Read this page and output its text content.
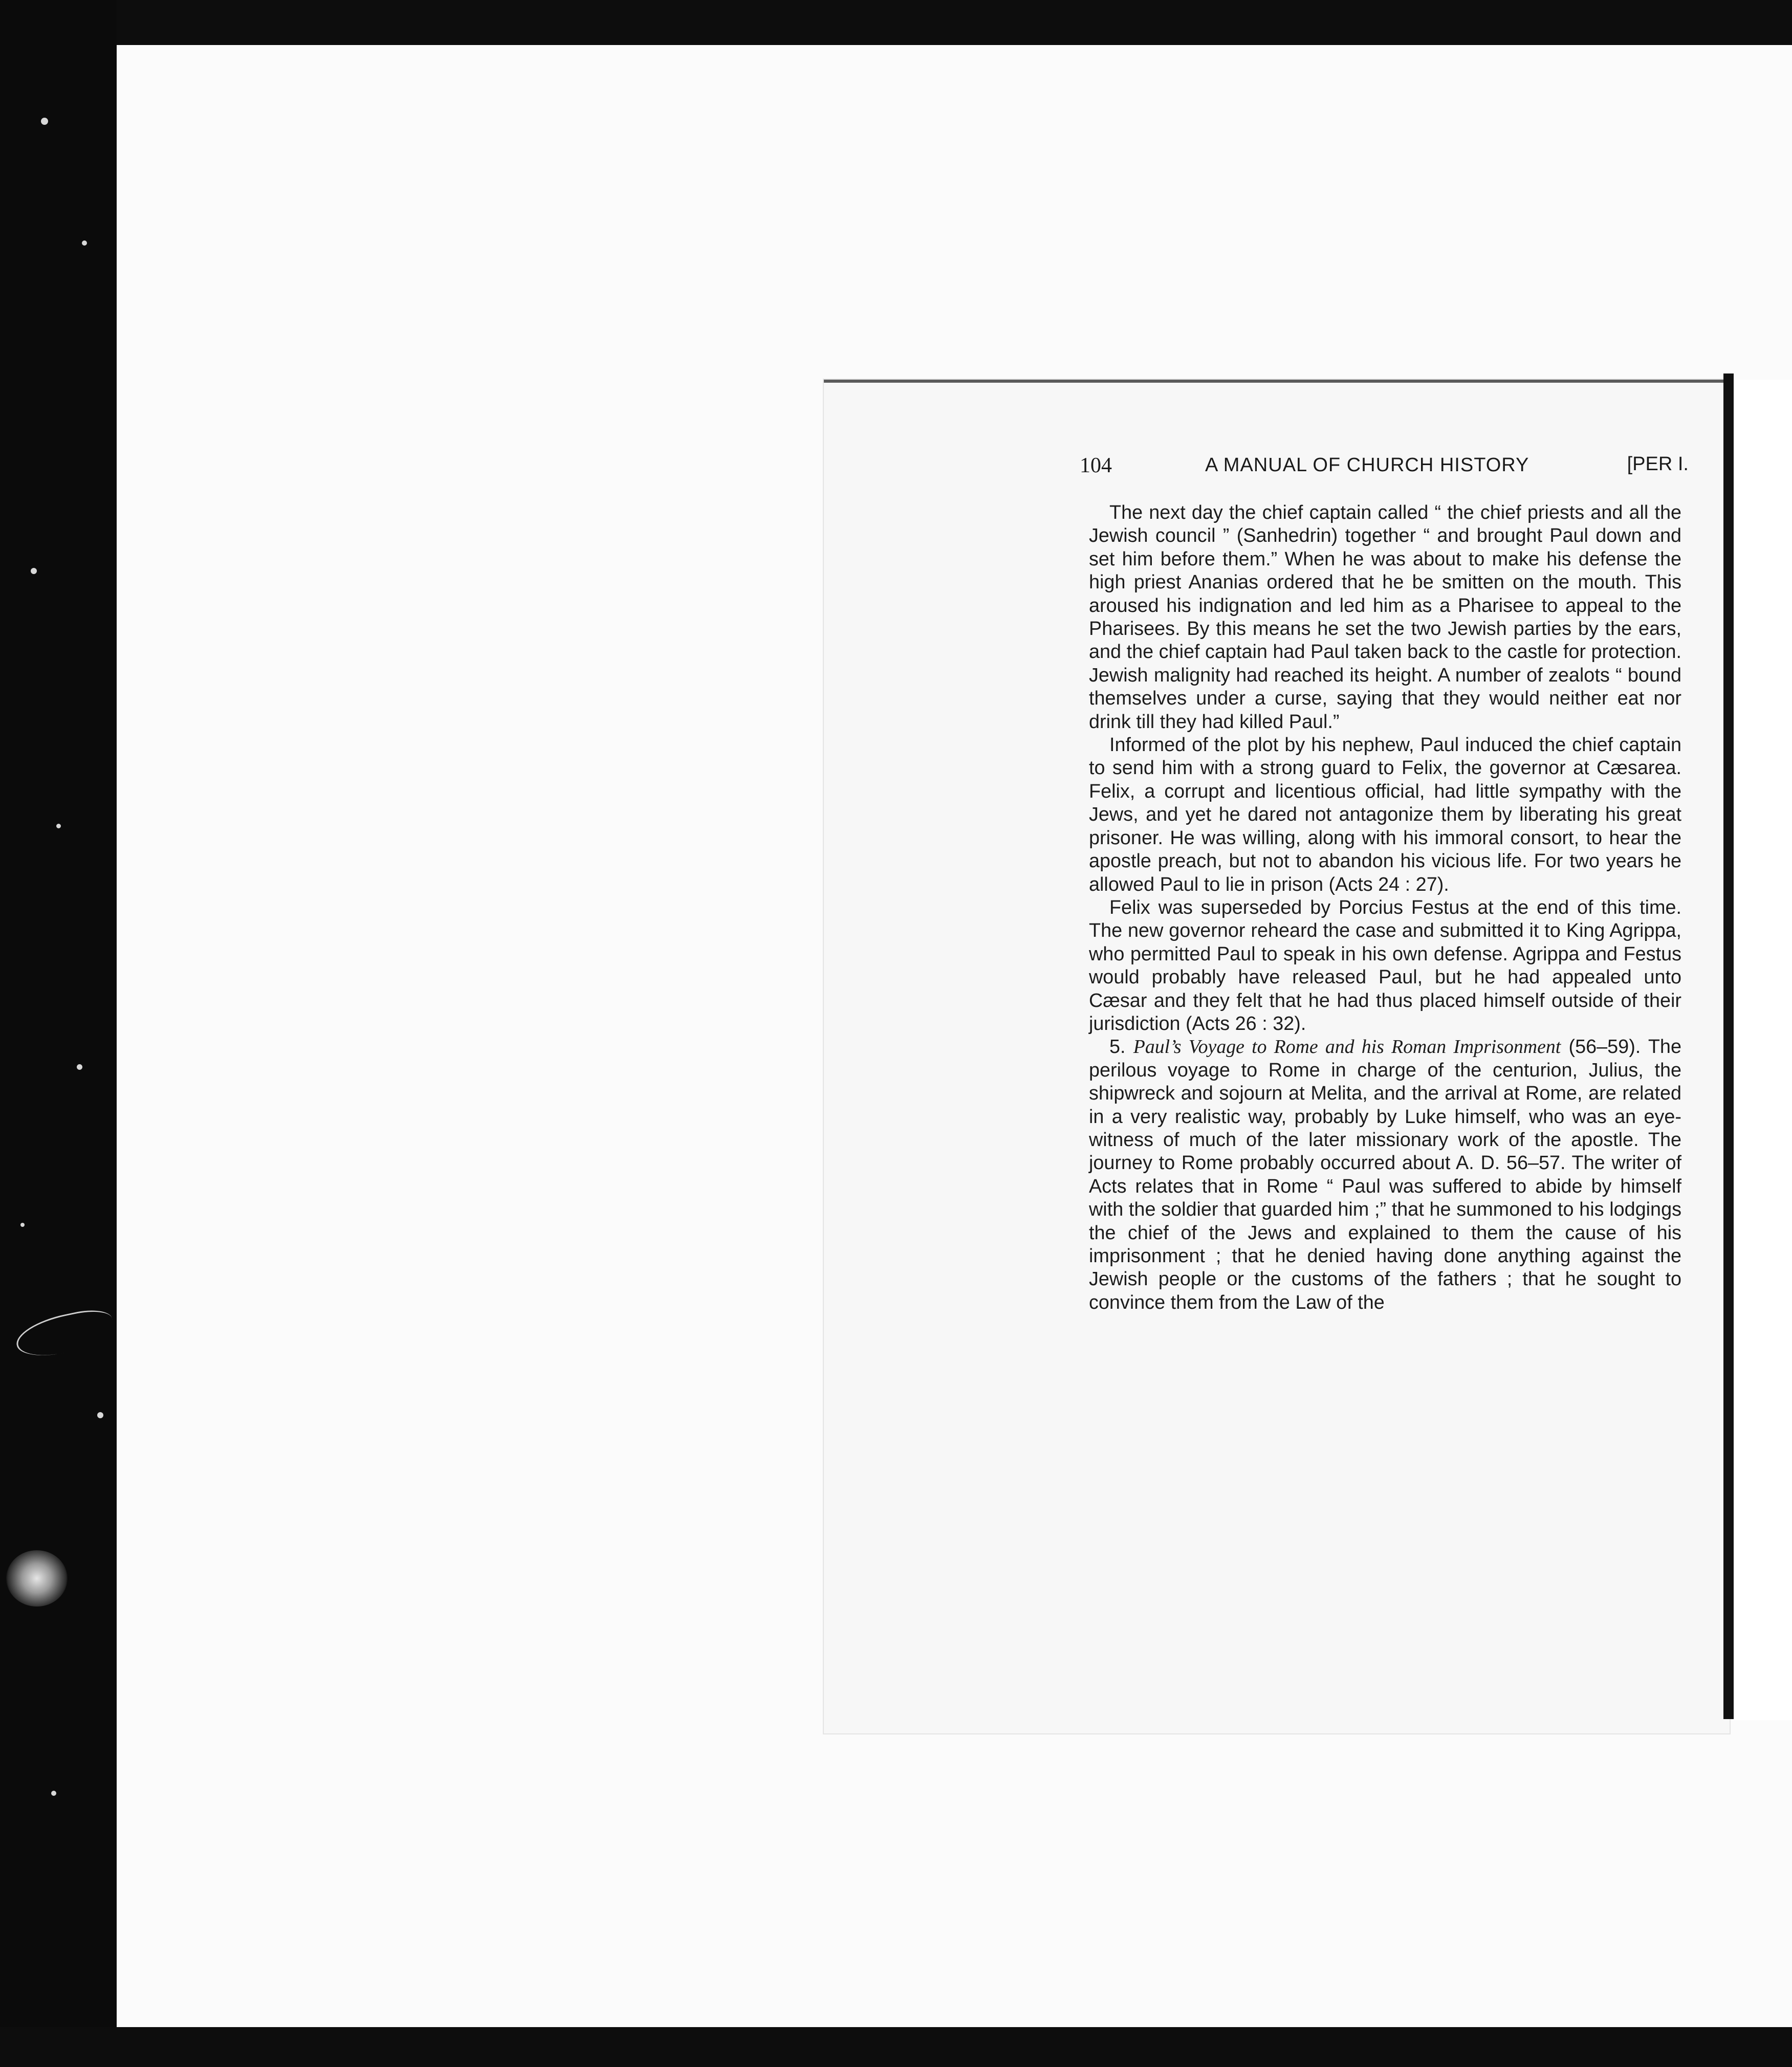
104	A MANUAL OF CHURCH HISTORY	[PER I.

The next day the chief captain called “ the chief priests and all the Jewish council ” (Sanhedrin) together “ and brought Paul down and set him before them.” When he was about to make his defense the high priest Ananias ordered that he be smitten on the mouth. This aroused his indignation and led him as a Pharisee to appeal to the Pharisees. By this means he set the two Jewish parties by the ears, and the chief captain had Paul taken back to the castle for protection. Jewish malignity had reached its height. A number of zealots “ bound themselves under a curse, saying that they would neither eat nor drink till they had killed Paul.”

Informed of the plot by his nephew, Paul induced the chief captain to send him with a strong guard to Felix, the governor at Cæsarea. Felix, a corrupt and licentious official, had little sympathy with the Jews, and yet he dared not antagonize them by liberating his great prisoner. He was willing, along with his immoral consort, to hear the apostle preach, but not to abandon his vicious life. For two years he allowed Paul to lie in prison (Acts 24 : 27).

Felix was superseded by Porcius Festus at the end of this time. The new governor reheard the case and submitted it to King Agrippa, who permitted Paul to speak in his own defense. Agrippa and Festus would probably have released Paul, but he had appealed unto Cæsar and they felt that he had thus placed himself outside of their jurisdiction (Acts 26 : 32).

5. Paul’s Voyage to Rome and his Roman Imprisonment (56–59). The perilous voyage to Rome in charge of the centurion, Julius, the shipwreck and sojourn at Melita, and the arrival at Rome, are related in a very realistic way, probably by Luke himself, who was an eye-witness of much of the later missionary work of the apostle. The journey to Rome probably occurred about A. D. 56–57. The writer of Acts relates that in Rome “ Paul was suffered to abide by himself with the soldier that guarded him ;” that he summoned to his lodgings the chief of the Jews and explained to them the cause of his imprisonment ; that he denied having done anything against the Jewish people or the customs of the fathers ; that he sought to convince them from the Law of the
